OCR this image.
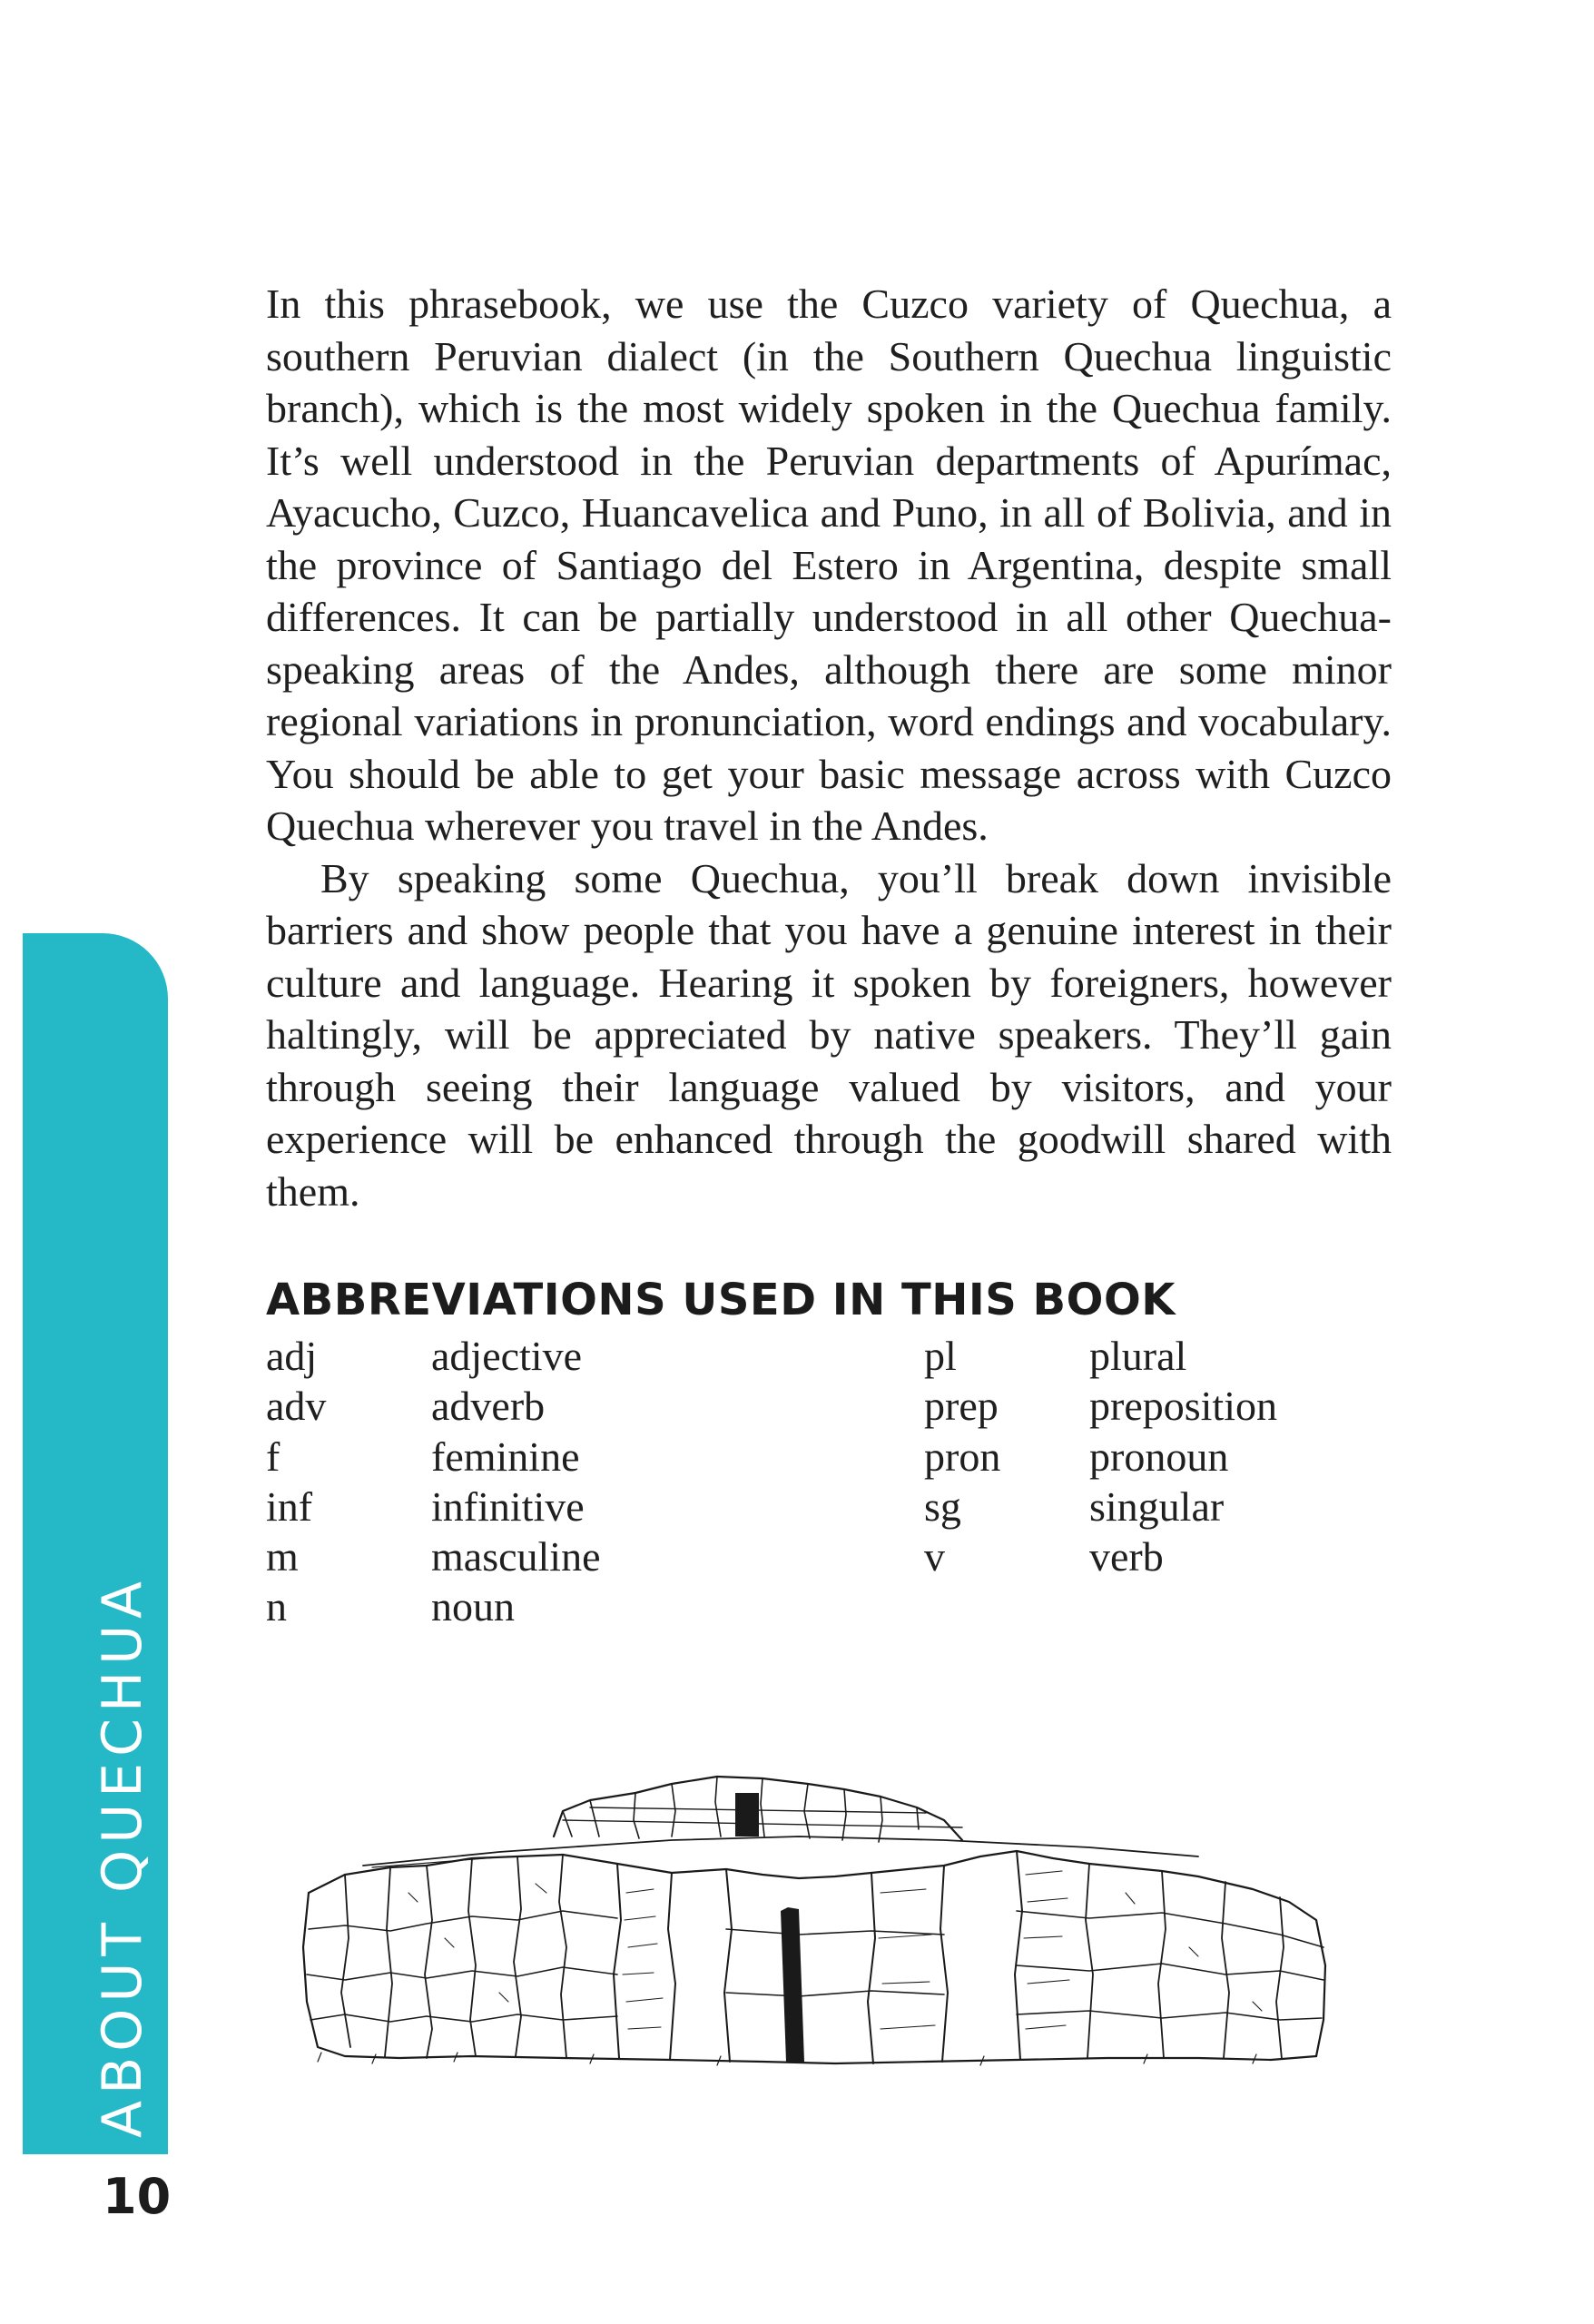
In this phrasebook, we use the Cuzco variety of Quechua, a southern Peruvian dialect (in the Southern Quechua linguistic branch), which is the most widely spoken in the Quechua family. It’s well understood in the Peruvian departments of Apurímac, Ayacucho, Cuzco, Huancavelica and Puno, in all of Bolivia, and in the province of Santiago del Estero in Argentina, despite small differences. It can be partially understood in all other Quechua-speaking areas of the Andes, although there are some minor regional variations in pronunciation, word endings and vocabulary. You should be able to get your basic message across with Cuzco Quechua wherever you travel in the Andes.

By speaking some Quechua, you’ll break down invisible barriers and show people that you have a genuine interest in their culture and language. Hearing it spoken by foreigners, however haltingly, will be appreciated by native speakers. They’ll gain through seeing their language valued by visitors, and your experience will be enhanced through the goodwill shared with them.

ABBREVIATIONS USED IN THIS BOOK
adj	adjective
adv	adverb
f	feminine
inf	infinitive
m	masculine
n	noun
pl	plural
prep	preposition
pron	pronoun
sg	singular
v	verb
ABOUT QUECHUA
10
